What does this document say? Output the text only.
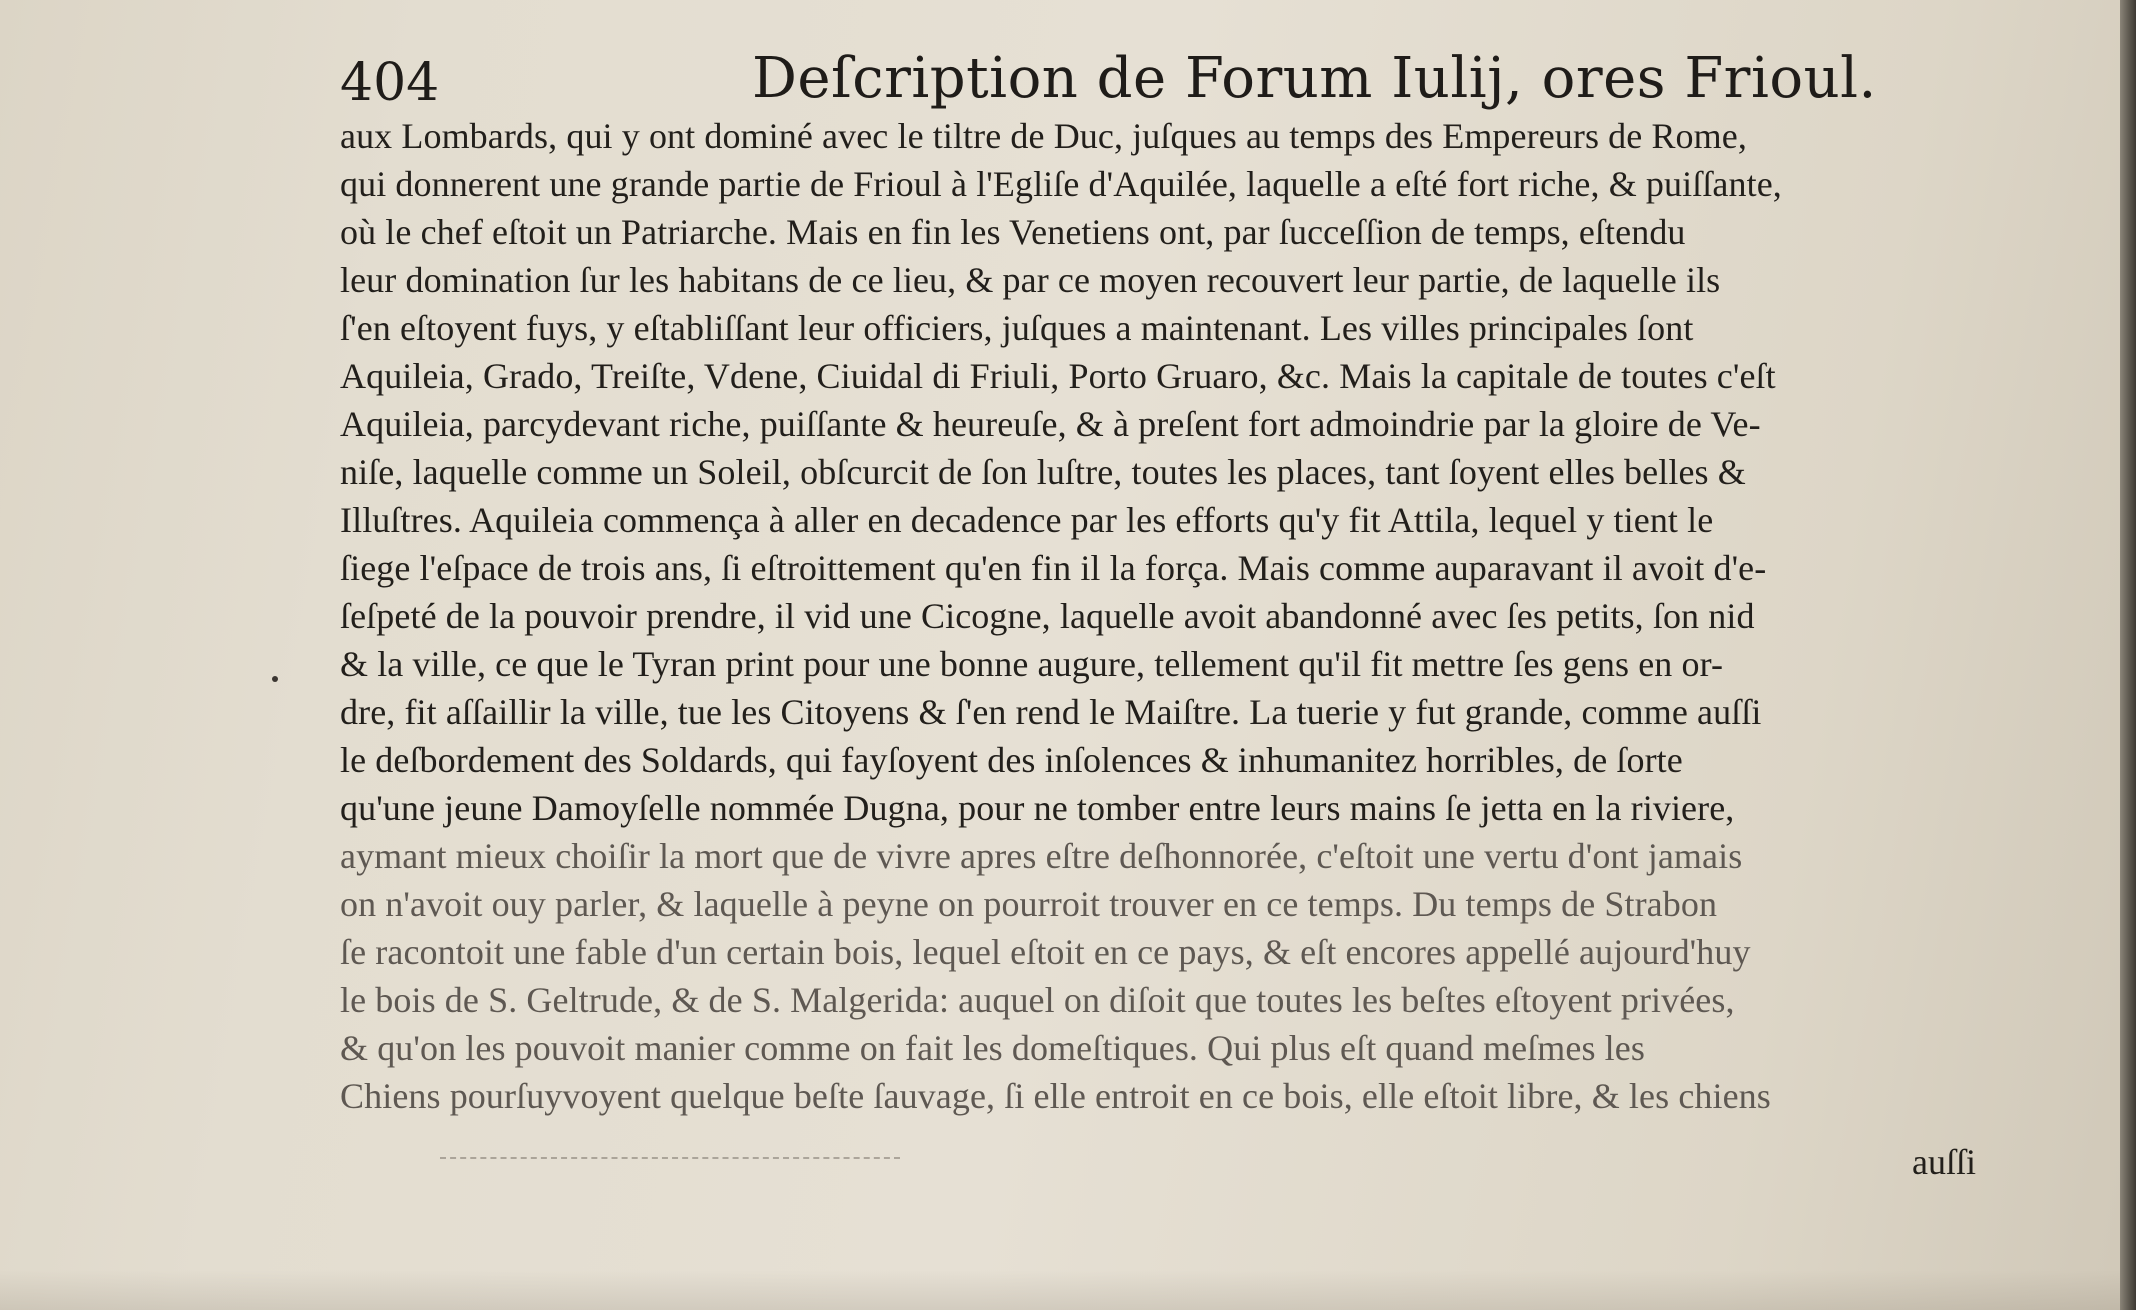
404	Deſcription de Forum Iulij, ores Frioul.
aux Lombards, qui y ont dominé avec le tiltre de Duc, juſques au temps des Empereurs de Rome,
qui donnerent une grande partie de Frioul à l'Egliſe d'Aquilée, laquelle a eſté fort riche, & puiſſante,
où le chef eſtoit un Patriarche. Mais en fin les Venetiens ont, par ſucceſſion de temps, eſtendu
leur domination ſur les habitans de ce lieu, & par ce moyen recouvert leur partie, de laquelle ils
ſ'en eſtoyent fuys, y eſtabliſſant leur officiers, juſques a maintenant. Les villes principales ſont
Aquileia, Grado, Treiſte, Vdene, Ciuidal di Friuli, Porto Gruaro, &c. Mais la capitale de toutes c'eſt
Aquileia, parcydevant riche, puiſſante & heureuſe, & à preſent fort admoindrie par la gloire de Ve-
niſe, laquelle comme un Soleil, obſcurcit de ſon luſtre, toutes les places, tant ſoyent elles belles &
Illuſtres. Aquileia commença à aller en decadence par les efforts qu'y fit Attila, lequel y tient le
ſiege l'eſpace de trois ans, ſi eſtroittement qu'en fin il la força. Mais comme auparavant il avoit d'e-
ſeſpeté de la pouvoir prendre, il vid une Cicogne, laquelle avoit abandonné avec ſes petits, ſon nid
& la ville, ce que le Tyran print pour une bonne augure, tellement qu'il fit mettre ſes gens en or-
dre, fit aſſaillir la ville, tue les Citoyens & ſ'en rend le Maiſtre. La tuerie y fut grande, comme auſſi
le deſbordement des Soldards, qui fayſoyent des inſolences & inhumanitez horribles, de ſorte
qu'une jeune Damoyſelle nommée Dugna, pour ne tomber entre leurs mains ſe jetta en la riviere,
aymant mieux choiſir la mort que de vivre apres eſtre deſhonnorée, c'eſtoit une vertu d'ont jamais
on n'avoit ouy parler, & laquelle à peyne on pourroit trouver en ce temps. Du temps de Strabon
ſe racontoit une fable d'un certain bois, lequel eſtoit en ce pays, & eſt encores appellé aujourd'huy
le bois de S. Geltrude, & de S. Malgerida: auquel on diſoit que toutes les beſtes eſtoyent privées,
& qu'on les pouvoit manier comme on fait les domeſtiques. Qui plus eſt quand meſmes les
Chiens pourſuyvoyent quelque beſte ſauvage, ſi elle entroit en ce bois, elle eſtoit libre, & les chiens
auſſi
